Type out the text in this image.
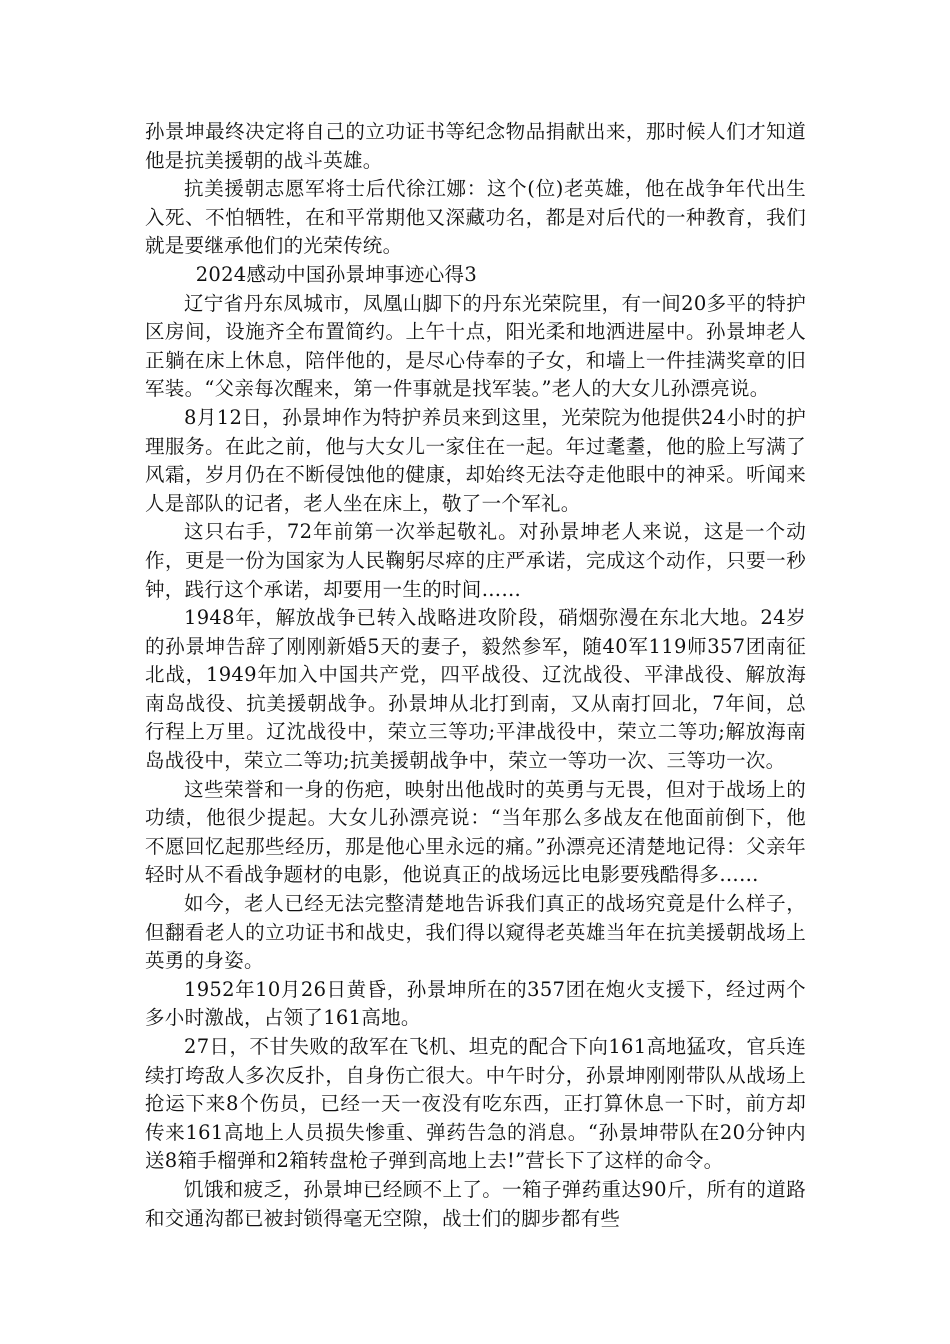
孙景坤最终决定将自己的立功证书等纪念物品捐献出来，那时候人们才知道他是抗美援朝的战斗英雄。

抗美援朝志愿军将士后代徐江娜：这个(位)老英雄，他在战争年代出生入死、不怕牺牲，在和平常期他又深藏功名，都是对后代的一种教育，我们就是要继承他们的光荣传统。

2024感动中国孙景坤事迹心得3

辽宁省丹东凤城市，凤凰山脚下的丹东光荣院里，有一间20多平的特护区房间，设施齐全布置简约。上午十点，阳光柔和地洒进屋中。孙景坤老人正躺在床上休息，陪伴他的，是尽心侍奉的子女，和墙上一件挂满奖章的旧军装。“父亲每次醒来，第一件事就是找军装。”老人的大女儿孙漂亮说。

8月12日，孙景坤作为特护养员来到这里，光荣院为他提供24小时的护理服务。在此之前，他与大女儿一家住在一起。年过耄耋，他的脸上写满了风霜，岁月仍在不断侵蚀他的健康，却始终无法夺走他眼中的神采。听闻来人是部队的记者，老人坐在床上，敬了一个军礼。

这只右手，72年前第一次举起敬礼。对孙景坤老人来说，这是一个动作，更是一份为国家为人民鞠躬尽瘁的庄严承诺，完成这个动作，只要一秒钟，践行这个承诺，却要用一生的时间……

1948年，解放战争已转入战略进攻阶段，硝烟弥漫在东北大地。24岁的孙景坤告辞了刚刚新婚5天的妻子，毅然参军，随40军119师357团南征北战，1949年加入中国共产党，四平战役、辽沈战役、平津战役、解放海南岛战役、抗美援朝战争。孙景坤从北打到南，又从南打回北，7年间，总行程上万里。辽沈战役中，荣立三等功;平津战役中，荣立二等功;解放海南岛战役中，荣立二等功;抗美援朝战争中，荣立一等功一次、三等功一次。

这些荣誉和一身的伤疤，映射出他战时的英勇与无畏，但对于战场上的功绩，他很少提起。大女儿孙漂亮说：“当年那么多战友在他面前倒下，他不愿回忆起那些经历，那是他心里永远的痛。”孙漂亮还清楚地记得：父亲年轻时从不看战争题材的电影，他说真正的战场远比电影要残酷得多……

如今，老人已经无法完整清楚地告诉我们真正的战场究竟是什么样子，但翻看老人的立功证书和战史，我们得以窥得老英雄当年在抗美援朝战场上英勇的身姿。

1952年10月26日黄昏，孙景坤所在的357团在炮火支援下，经过两个多小时激战，占领了161高地。

27日，不甘失败的敌军在飞机、坦克的配合下向161高地猛攻，官兵连续打垮敌人多次反扑，自身伤亡很大。中午时分，孙景坤刚刚带队从战场上抢运下来8个伤员，已经一天一夜没有吃东西，正打算休息一下时，前方却传来161高地上人员损失惨重、弹药告急的消息。“孙景坤带队在20分钟内送8箱手榴弹和2箱转盘枪子弹到高地上去!”营长下了这样的命令。

饥饿和疲乏，孙景坤已经顾不上了。一箱子弹药重达90斤，所有的道路和交通沟都已被封锁得毫无空隙，战士们的脚步都有些
